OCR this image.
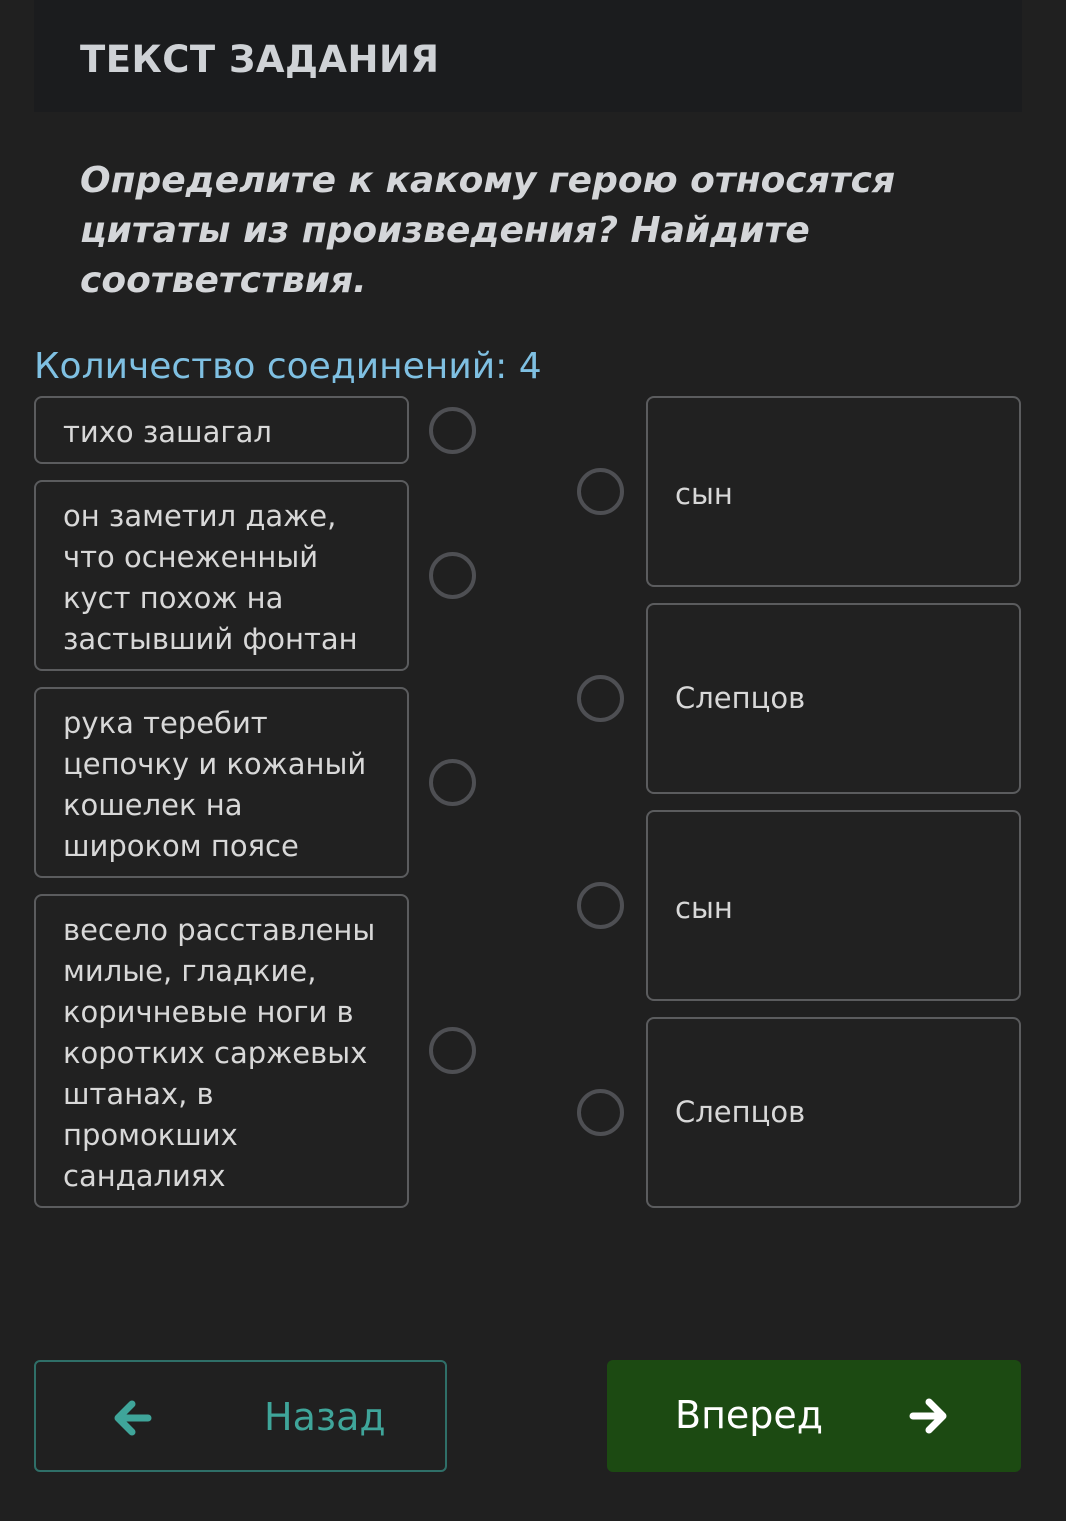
ТЕКСТ ЗАДАНИЯ
Определите к какому герою относятся цитаты из произведения? Найдите соответствия.
Количество соединений: 4
тихо зашагал
он заметил даже, что оснеженный куст похож на застывший фонтан
рука теребит цепочку и кожаный кошелек на широком поясе
весело расставлены милые, гладкие, коричневые ноги в коротких саржевых штанах, в промокших сандалиях
сын
Слепцов
сын
Слепцов
Назад	Вперед
